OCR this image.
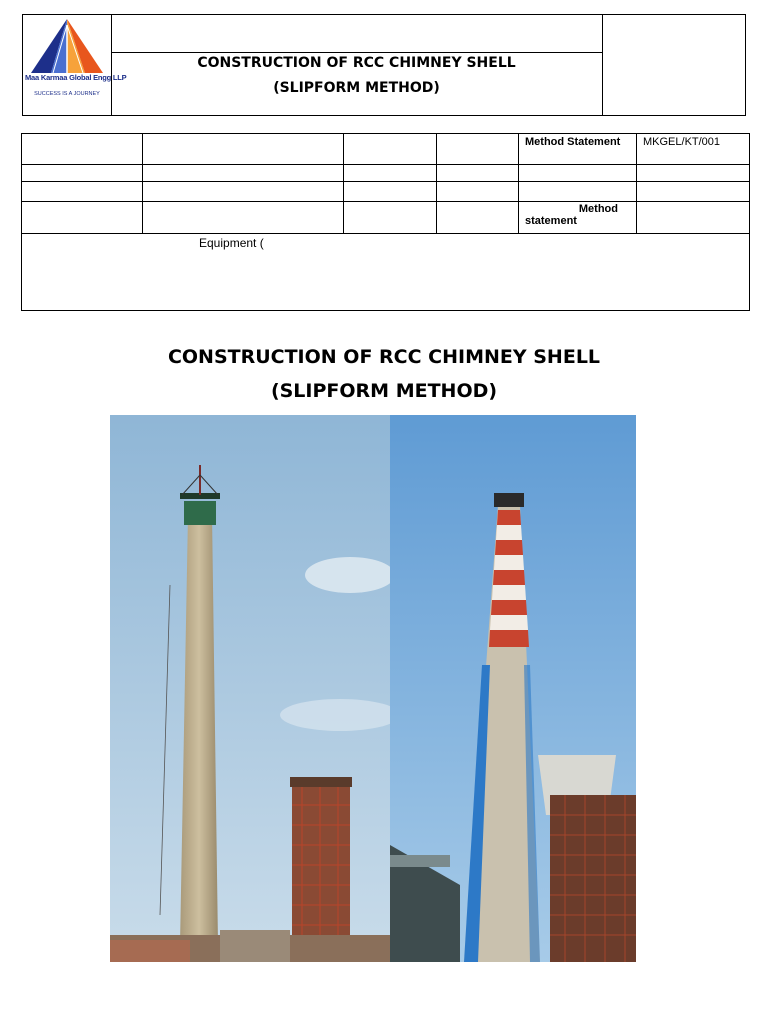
Maa Karmaa Global Engg LLP
SUCCESS IS A JOURNEY
CONSTRUCTION OF RCC CHIMNEY SHELL
(SLIPFORM METHOD)
				Method Statement	MKGEL/KT/001

				Method
statement	

Equipment (
CONSTRUCTION OF RCC CHIMNEY SHELL
(SLIPFORM METHOD)
